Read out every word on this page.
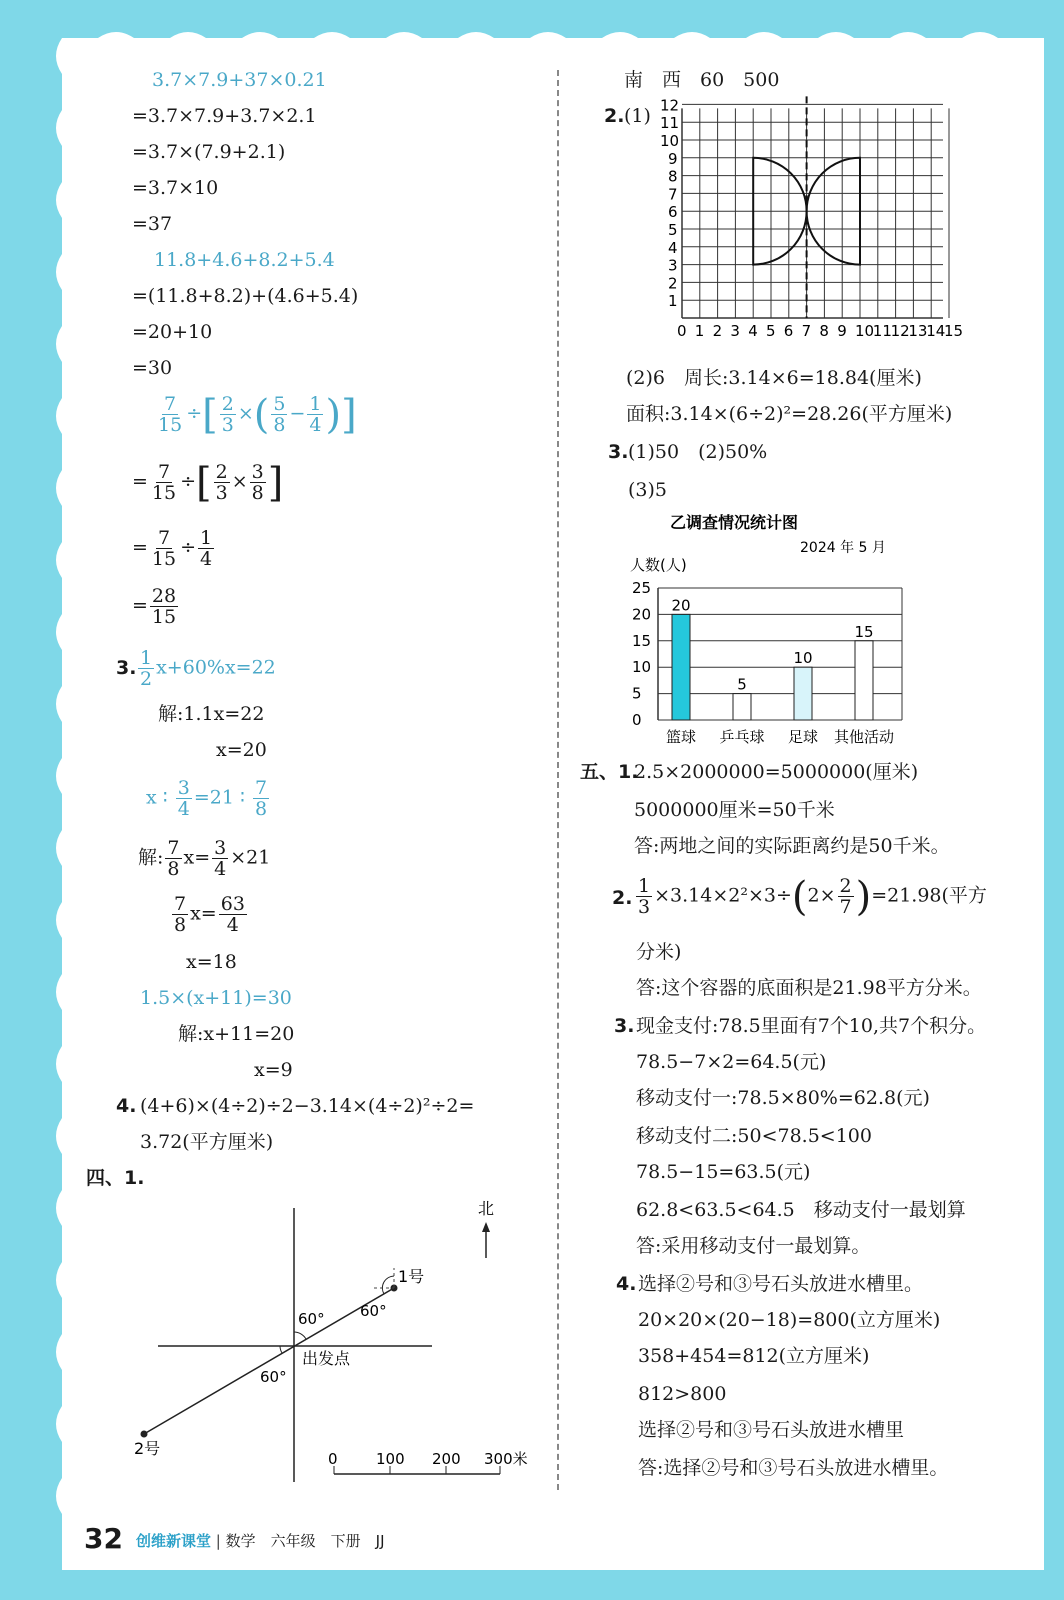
3.7×7.9+37×0.21
=3.7×7.9+3.7×2.1
=3.7×(7.9+2.1)
=3.7×10
=37
11.8+4.6+8.2+5.4
=(11.8+8.2)+(4.6+5.4)
=20+10
=30
$\frac{7}{15}$ ÷[ $\frac{2}{3}$ ×( $\frac{5}{8} - \frac{1}{4}$ )]
= $\frac{7}{15}$ ÷[ $\frac{2}{3} \times \frac{3}{8}$ ]
= $\frac{7}{15} \div \frac{1}{4}$
= $\frac{28}{15}$
3. $\frac{1}{2} x+60\%x=22$
解:1.1x=22
x=20
x ∶ $\frac{3}{4} =21$ ∶ $\frac{7}{8}$
解: $\frac{7}{8} x= \frac{3}{4} \times 21$
$\frac{7}{8} x= \frac{63}{4}$
x=18
1.5×(x+11)=30
解:x+11=20
x=9
4. (4+6)×(4÷2)÷2−3.14×(4÷2)²÷2=
3.72(平方厘米)
四、1.
北
1号
2号
出发点
60° 60°
60°
0	100 200 300米
南　西　60　500
2. (1)
0 1 2 3 4 5 6 7 8 9 10
11
12
13
14
15
1
2
3
4
5
6
7
8
9
10
11
12
(2)6　周长:3.14×6=18.84(厘米)
面积:3.14×(6÷2)²=28.26(平方厘米)
3. (1)50　(2)50%
(3)5
乙调查情况统计图
2024 年 5 月
人数(人)
0
5
10
15
20
25
20
5
10
15
篮球 乒乓球 足球 其他活动
五、1.
2.5×2000000=5000000(厘米)
5000000厘米=50千米
答:两地之间的实际距离约是50千米。
2. $\frac{1}{3} \times 3.14\times 2^2\times 3\div(2\times \frac{2}{7} )=21.98$(平方
分米)
答:这个容器的底面积是21.98平方分米。
3. 现金支付:78.5里面有7个10,共7个积分。
78.5−7×2=64.5(元)
移动支付一:78.5×80%=62.8(元)
移动支付二:50<78.5<100
78.5−15=63.5(元)
62.8<63.5<64.5　移动支付一最划算
答:采用移动支付一最划算。
4. 选择②号和③号石头放进水槽里。
20×20×(20−18)=800(立方厘米)
358+454=812(立方厘米)
812>800
选择②号和③号石头放进水槽里
答:选择②号和③号石头放进水槽里。
32 创维新课堂 | 数学　六年级　下册　JJ
